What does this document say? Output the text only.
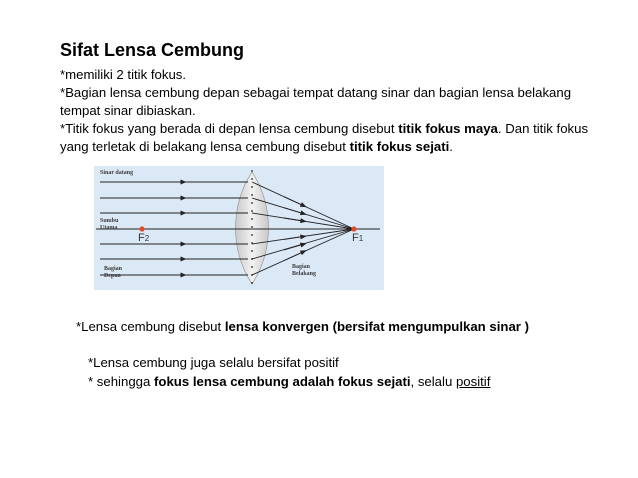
Sifat Lensa Cembung

*memiliki 2 titik fokus.

*Bagian lensa cembung depan sebagai tempat datang sinar dan bagian lensa belakang tempat sinar dibiaskan.

*Titik fokus yang berada di depan lensa cembung disebut titik fokus maya. Dan titik fokus yang terletak di belakang lensa cembung disebut titik fokus sejati.

Sinar datang
Sumbu
Utama
Bagian
Depan
Bagian
Belakang
F2	F1

*Lensa cembung disebut lensa konvergen (bersifat mengumpulkan sinar )

*Lensa cembung juga selalu bersifat positif

* sehingga fokus lensa cembung adalah fokus sejati, selalu positif
